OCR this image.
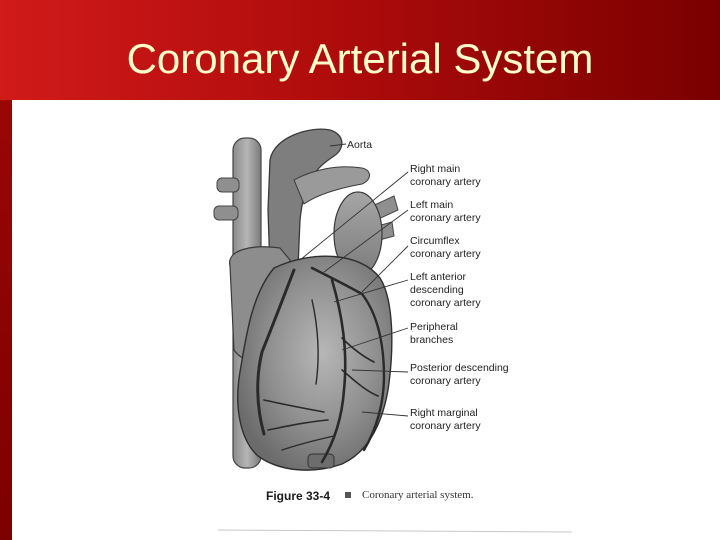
Coronary Arterial System
Aorta
Right main
coronary artery
Left main
coronary artery
Circumflex
coronary artery
Left anterior
descending
coronary artery
Peripheral
branches
Posterior descending
coronary artery
Right marginal
coronary artery
Figure 33-4	Coronary arterial system.
